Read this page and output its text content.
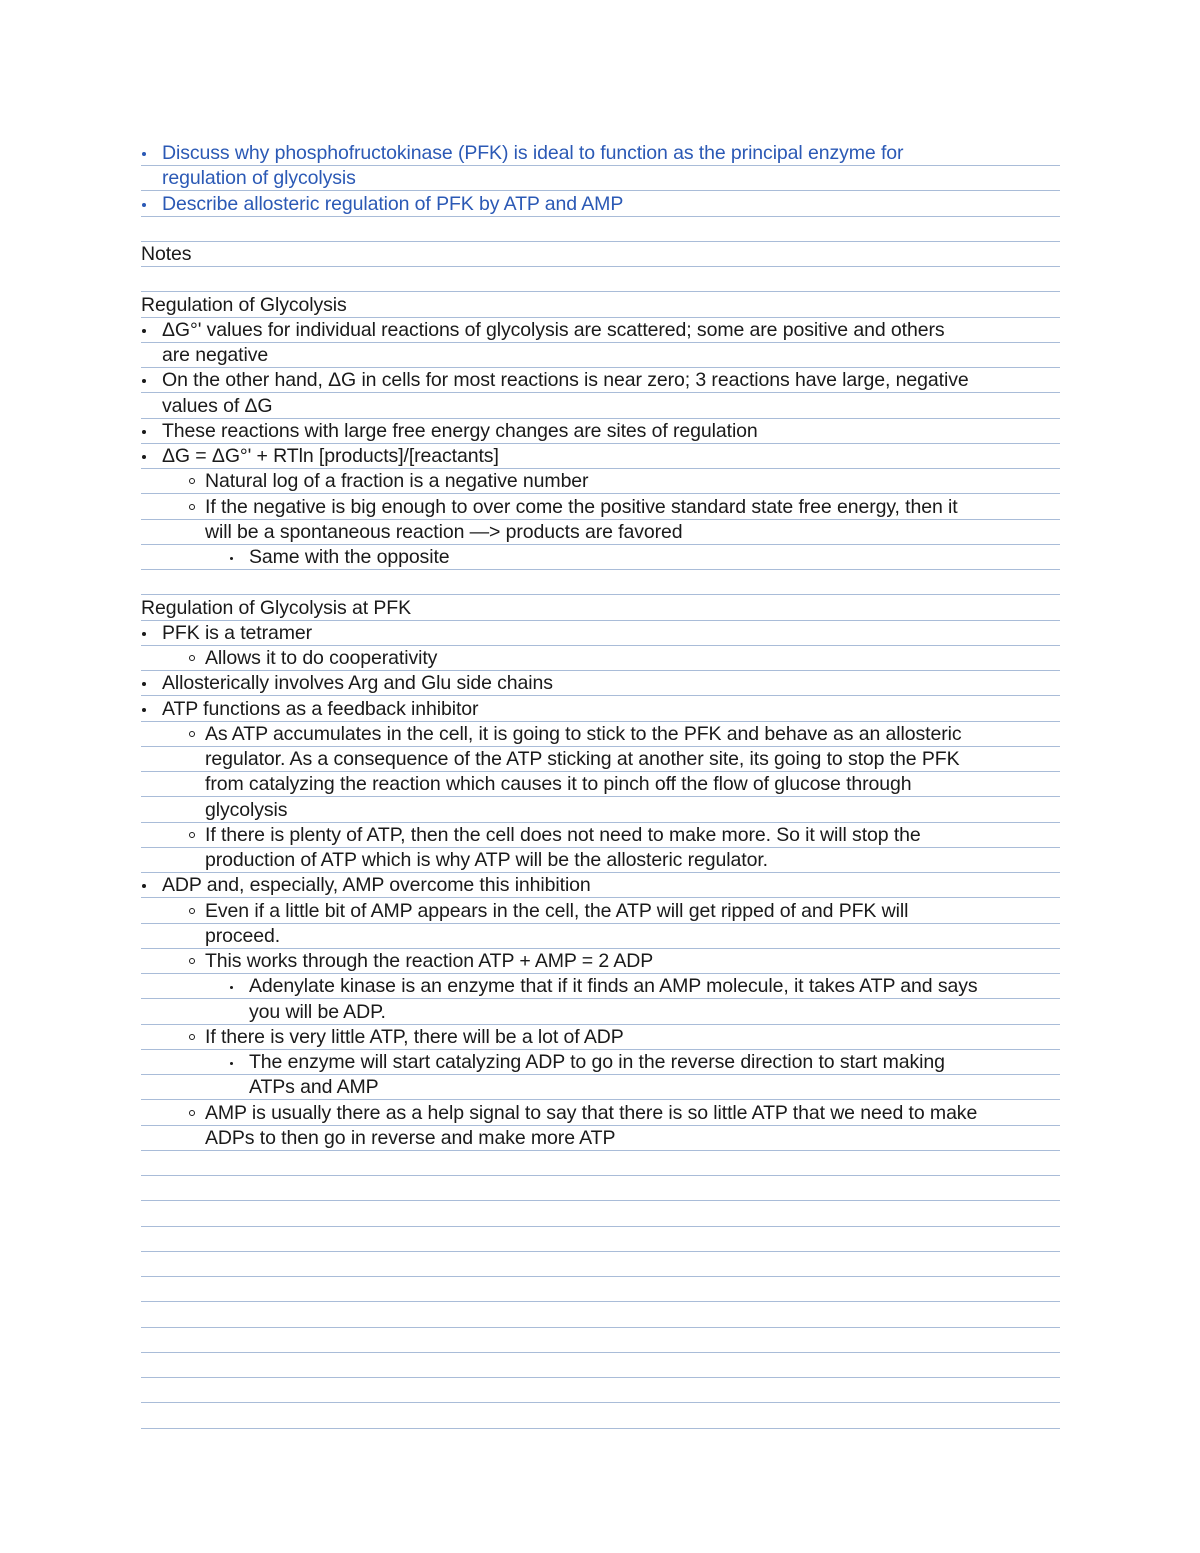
Discuss why phosphofructokinase (PFK) is ideal to function as the principal enzyme for
regulation of glycolysis
Describe allosteric regulation of PFK by ATP and AMP
Notes
Regulation of Glycolysis
ΔG°' values for individual reactions of glycolysis are scattered; some are positive and others
are negative
On the other hand, ΔG in cells for most reactions is near zero; 3 reactions have large, negative
values of ΔG
These reactions with large free energy changes are sites of regulation
ΔG = ΔG°' + RTln [products]/[reactants]
Natural log of a fraction is a negative number
If the negative is big enough to over come the positive standard state free energy, then it
will be a spontaneous reaction —> products are favored
Same with the opposite
Regulation of Glycolysis at PFK
PFK is a tetramer
Allows it to do cooperativity
Allosterically involves Arg and Glu side chains
ATP functions as a feedback inhibitor
As ATP accumulates in the cell, it is going to stick to the PFK and behave as an allosteric
regulator. As a consequence of the ATP sticking at another site, its going to stop the PFK
from catalyzing the reaction which causes it to pinch off the flow of glucose through
glycolysis
If there is plenty of ATP, then the cell does not need to make more. So it will stop the
production of ATP which is why ATP will be the allosteric regulator.
ADP and, especially, AMP overcome this inhibition
Even if a little bit of AMP appears in the cell, the ATP will get ripped of and PFK will
proceed.
This works through the reaction ATP + AMP = 2 ADP
Adenylate kinase is an enzyme that if it finds an AMP molecule, it takes ATP and says
you will be ADP.
If there is very little ATP, there will be a lot of ADP
The enzyme will start catalyzing ADP to go in the reverse direction to start making
ATPs and AMP
AMP is usually there as a help signal to say that there is so little ATP that we need to make
ADPs to then go in reverse and make more ATP
